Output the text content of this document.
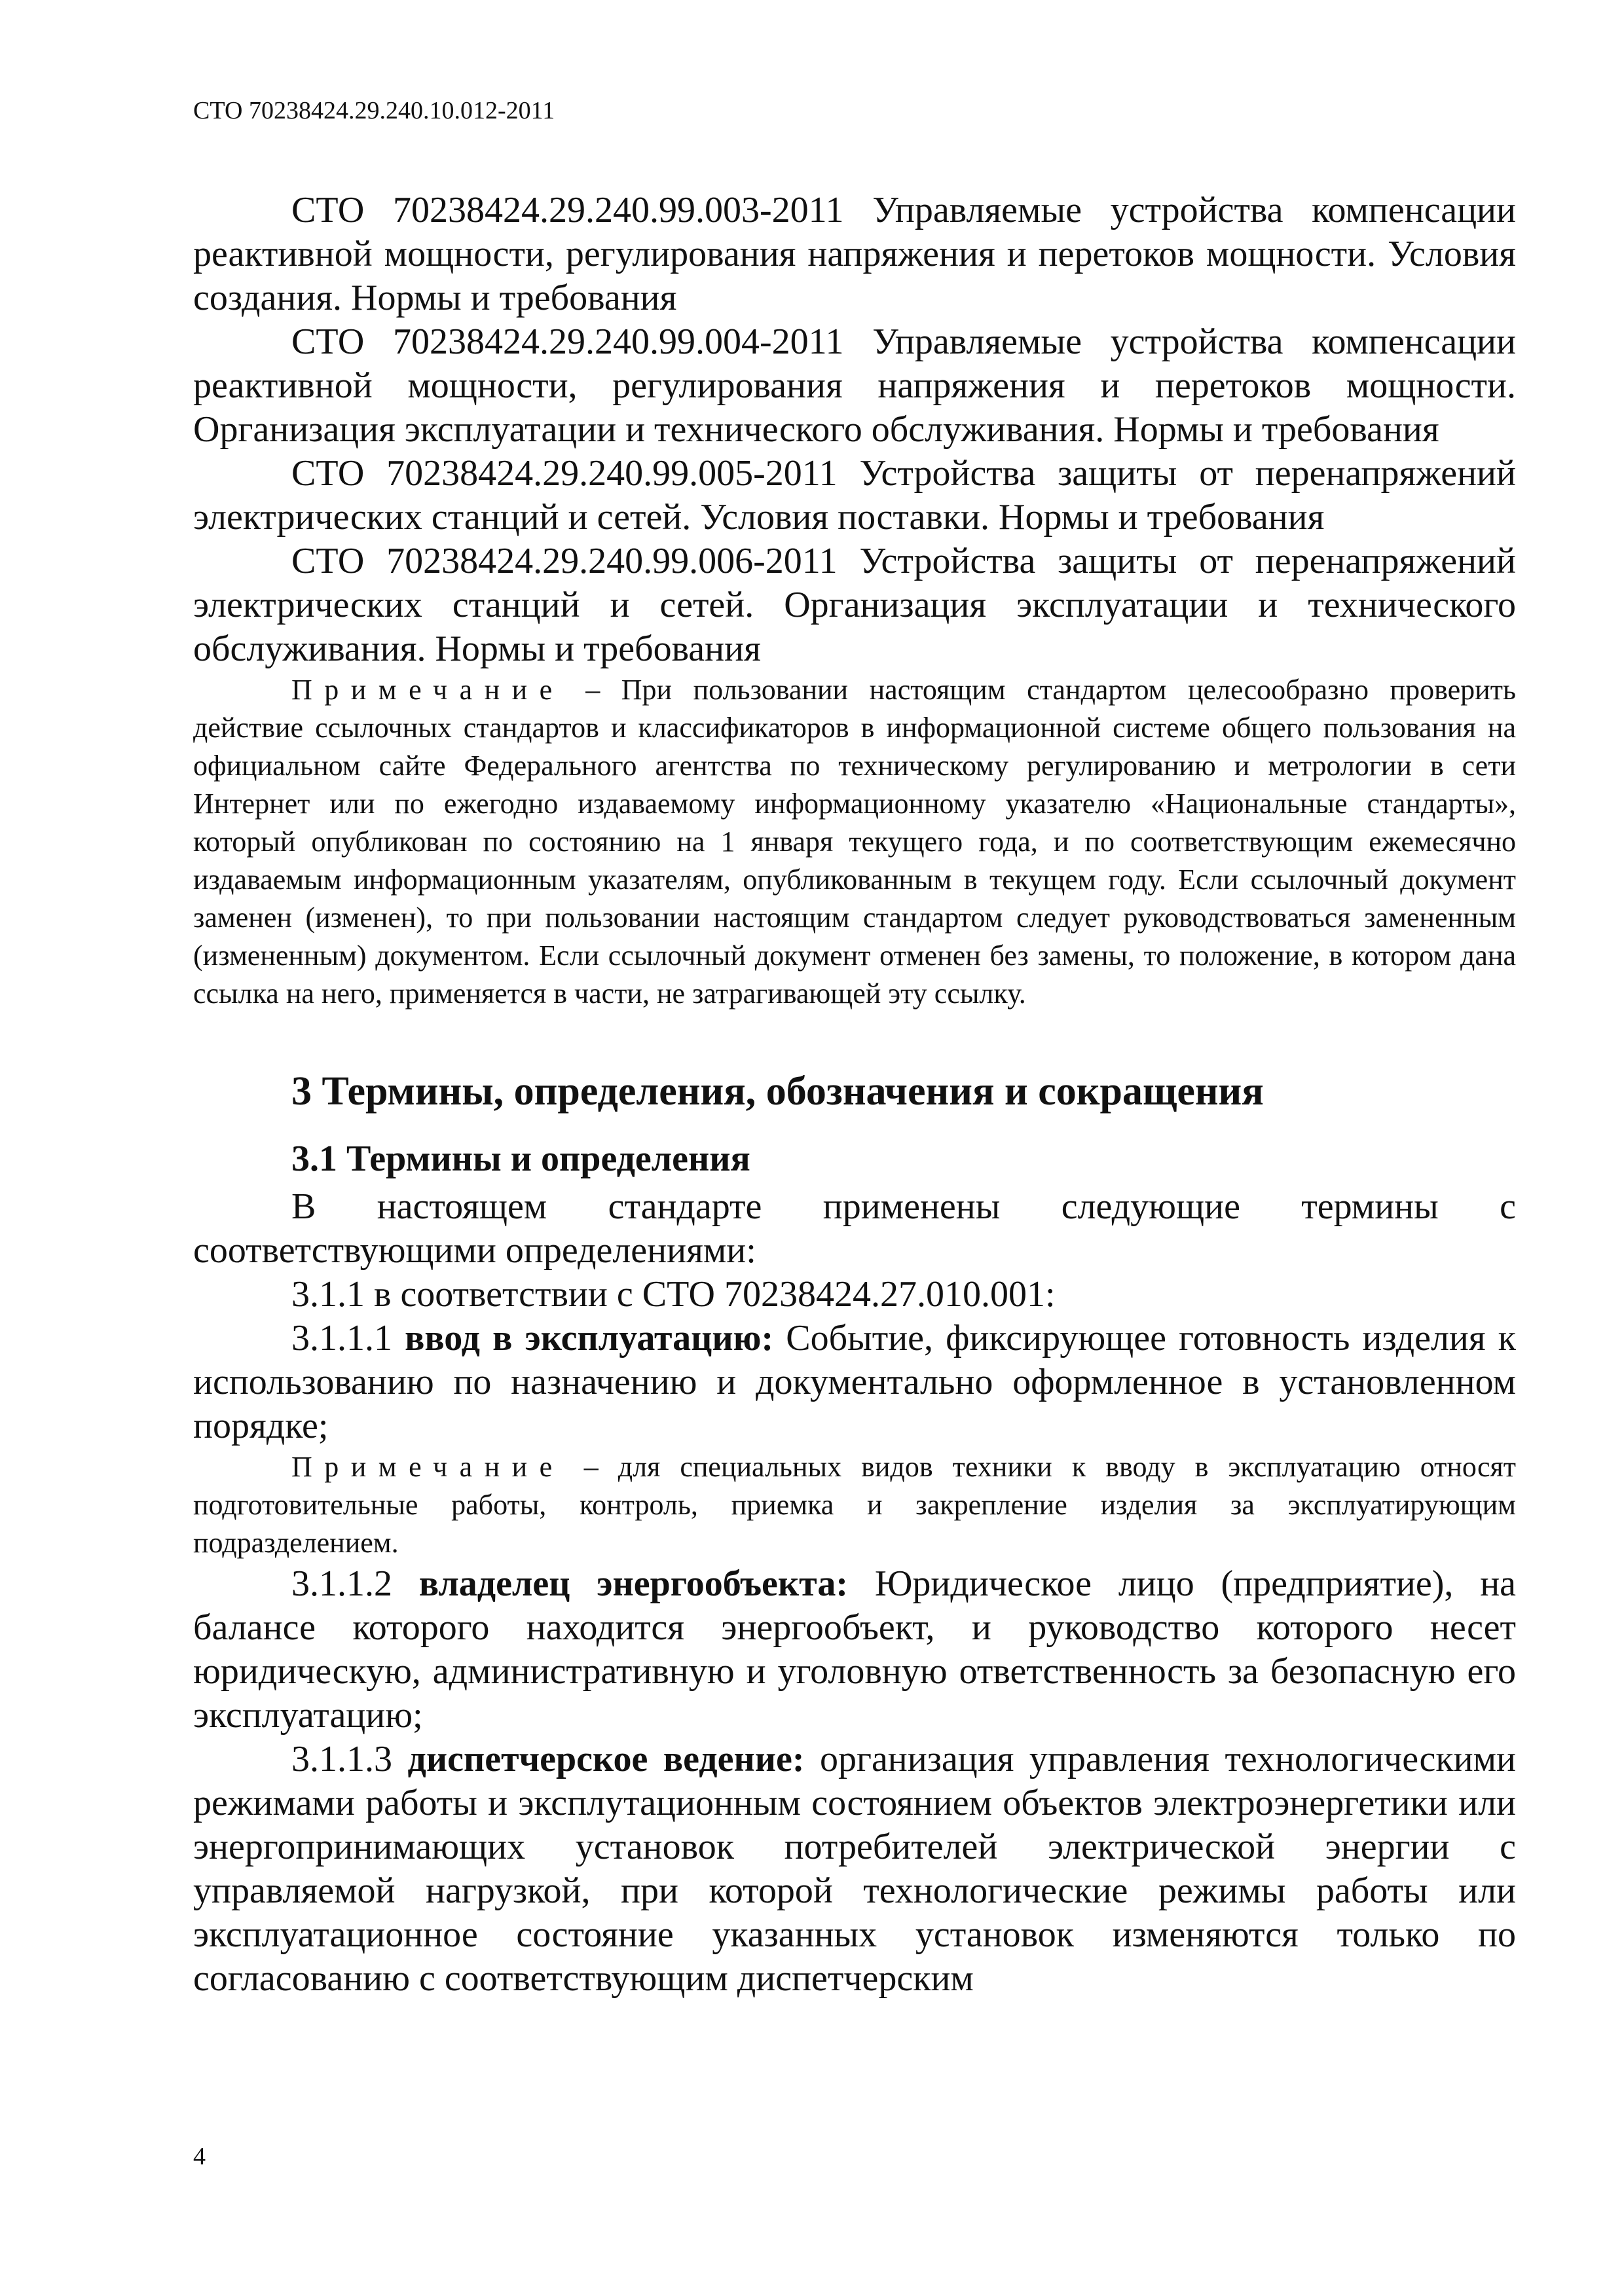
СТО 70238424.29.240.10.012-2011

СТО 70238424.29.240.99.003-2011 Управляемые устройства компенсации реактивной мощности, регулирования напряжения и перетоков мощности. Условия создания. Нормы и требования

СТО 70238424.29.240.99.004-2011 Управляемые устройства компенсации реактивной мощности, регулирования напряжения и перетоков мощности. Организация эксплуатации и технического обслуживания. Нормы и требования

СТО 70238424.29.240.99.005-2011 Устройства защиты от перенапряжений электрических станций и сетей. Условия поставки. Нормы и требования

СТО 70238424.29.240.99.006-2011 Устройства защиты от перенапряжений электрических станций и сетей. Организация эксплуатации и технического обслуживания. Нормы и требования

Примечание – При пользовании настоящим стандартом целесообразно проверить действие ссылочных стандартов и классификаторов в информационной системе общего пользования на официальном сайте Федерального агентства по техническому регулированию и метрологии в сети Интернет или по ежегодно издаваемому информационному указателю «Национальные стандарты», который опубликован по состоянию на 1 января текущего года, и по соответствующим ежемесячно издаваемым информационным указателям, опубликованным в текущем году. Если ссылочный документ заменен (изменен), то при пользовании настоящим стандартом следует руководствоваться замененным (измененным) документом. Если ссылочный документ отменен без замены, то положение, в котором дана ссылка на него, применяется в части, не затрагивающей эту ссылку.

3 Термины, определения, обозначения и сокращения
3.1 Термины и определения

В настоящем стандарте применены следующие термины с соответствующими определениями:

3.1.1 в соответствии с СТО 70238424.27.010.001:

3.1.1.1 ввод в эксплуатацию: Событие, фиксирующее готовность изделия к использованию по назначению и документально оформленное в установленном порядке;

Примечание – для специальных видов техники к вводу в эксплуатацию относят подготовительные работы, контроль, приемка и закрепление изделия за эксплуатирующим подразделением.

3.1.1.2 владелец энергообъекта: Юридическое лицо (предприятие), на балансе которого находится энергообъект, и руководство которого несет юридическую, административную и уголовную ответственность за безопасную его эксплуатацию;

3.1.1.3 диспетчерское ведение: организация управления технологическими режимами работы и эксплутационным состоянием объектов электроэнергетики или энергопринимающих установок потребителей электрической энергии с управляемой нагрузкой, при которой технологические режимы работы или эксплуатационное состояние указанных установок изменяются только по согласованию с соответствующим диспетчерским

4
